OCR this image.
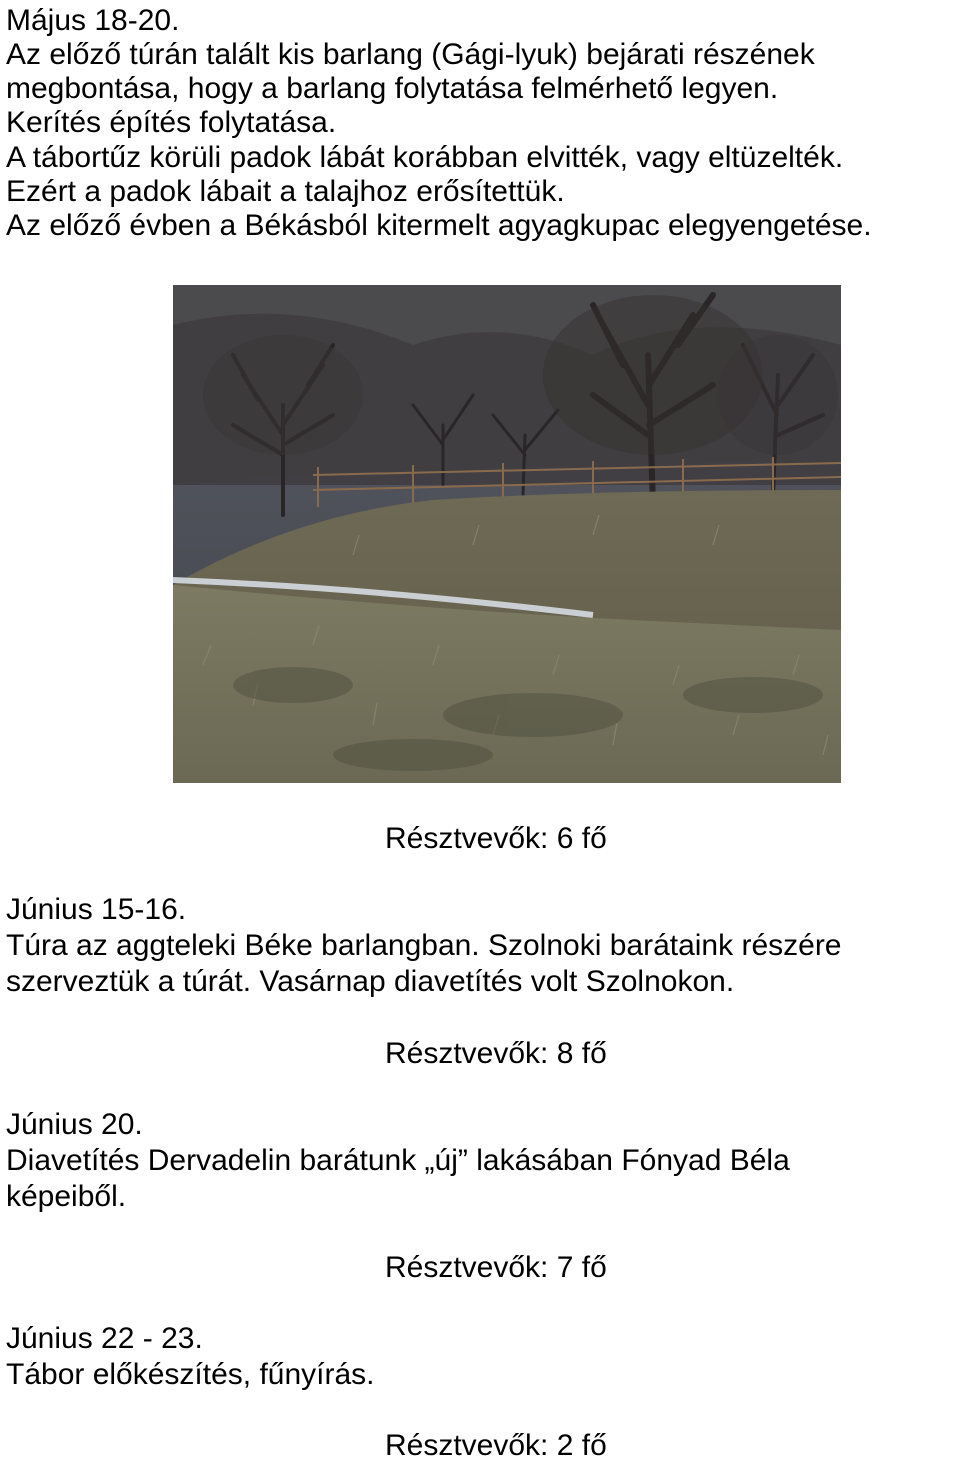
Május 18-20.
Az előző túrán talált kis barlang (Gági-lyuk) bejárati részének
megbontása, hogy a barlang folytatása felmérhető legyen.
Kerítés építés folytatása.
A tábortűz körüli padok lábát korábban elvitték, vagy eltüzelték.
Ezért a padok lábait a talajhoz erősítettük.
Az előző évben a Békásból kitermelt agyagkupac elegyengetése.
Résztvevők: 6 fő
Június 15-16.
Túra az aggteleki Béke barlangban. Szolnoki barátaink részére
szerveztük a túrát. Vasárnap diavetítés volt Szolnokon.
Résztvevők: 8 fő
Június 20.
Diavetítés Dervadelin barátunk „új” lakásában Fónyad Béla
képeiből.
Résztvevők: 7 fő
Június 22 - 23.
Tábor előkészítés, fűnyírás.
Résztvevők: 2 fő
